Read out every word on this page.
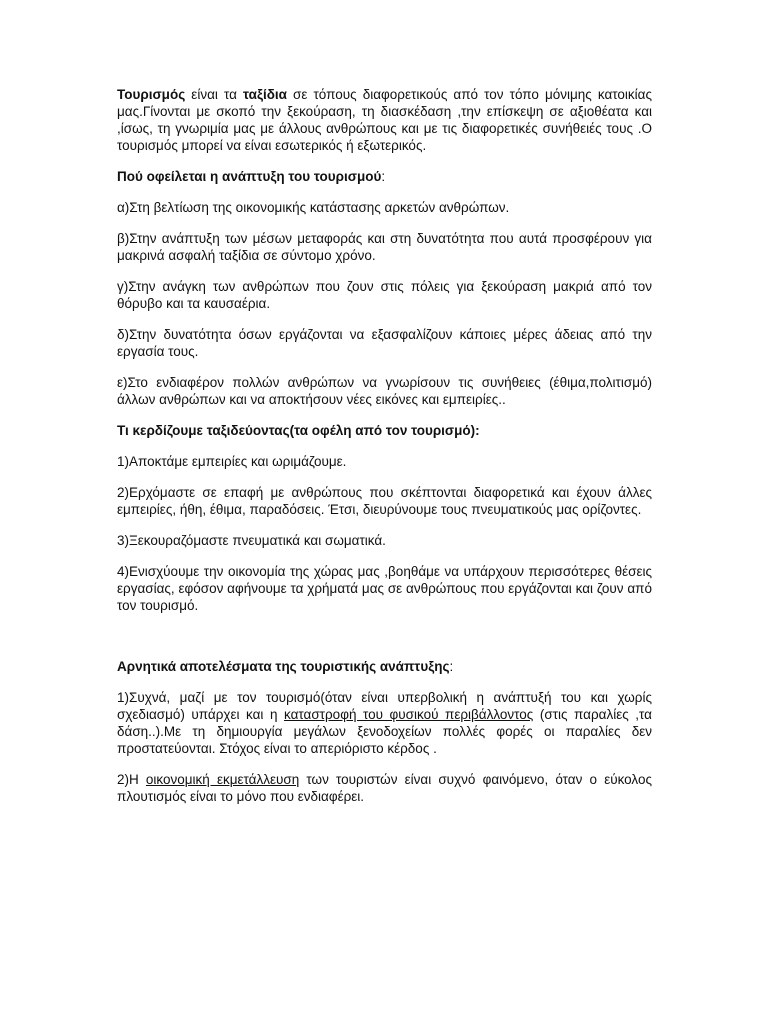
Τουρισμός είναι τα ταξίδια σε τόπους διαφορετικούς από τον τόπο μόνιμης κατοικίας μας.Γίνονται με σκοπό την ξεκούραση, τη διασκέδαση ,την επίσκεψη σε αξιοθέατα και ,ίσως, τη γνωριμία μας με άλλους ανθρώπους και με τις διαφορετικές συνήθειές τους .Ο τουρισμός μπορεί να είναι εσωτερικός ή εξωτερικός.

Πού οφείλεται η ανάπτυξη του τουρισμού:

α)Στη βελτίωση της οικονομικής κατάστασης αρκετών ανθρώπων.

β)Στην ανάπτυξη των μέσων μεταφοράς και στη δυνατότητα που αυτά προσφέρουν για μακρινά ασφαλή ταξίδια σε σύντομο χρόνο.

γ)Στην ανάγκη των ανθρώπων που ζουν στις πόλεις για ξεκούραση μακριά από τον θόρυβο και τα καυσαέρια.

δ)Στην δυνατότητα όσων εργάζονται να εξασφαλίζουν κάποιες μέρες άδειας από την εργασία τους.

ε)Στο ενδιαφέρον πολλών ανθρώπων να γνωρίσουν τις συνήθειες (έθιμα,πολιτισμό) άλλων ανθρώπων και να αποκτήσουν νέες εικόνες και εμπειρίες..

Τι κερδίζουμε ταξιδεύοντας(τα οφέλη από τον τουρισμό):

1)Αποκτάμε εμπειρίες και ωριμάζουμε.

2)Ερχόμαστε σε επαφή με ανθρώπους που σκέπτονται διαφορετικά και έχουν άλλες εμπειρίες, ήθη, έθιμα, παραδόσεις. Έτσι, διευρύνουμε τους πνευματικούς μας ορίζοντες.

3)Ξεκουραζόμαστε πνευματικά και σωματικά.

4)Ενισχύουμε την οικονομία της χώρας μας ,βοηθάμε να υπάρχουν περισσότερες θέσεις εργασίας, εφόσον αφήνουμε τα χρήματά μας σε ανθρώπους που εργάζονται και ζουν από τον τουρισμό.

Αρνητικά αποτελέσματα της τουριστικής ανάπτυξης:

1)Συχνά, μαζί με τον τουρισμό(όταν είναι υπερβολική η ανάπτυξή του και χωρίς σχεδιασμό) υπάρχει και η καταστροφή του φυσικού περιβάλλοντος (στις παραλίες ,τα δάση..).Με τη δημιουργία μεγάλων ξενοδοχείων πολλές φορές οι παραλίες δεν προστατεύονται. Στόχος είναι το απεριόριστο κέρδος .

2)Η οικονομική εκμετάλλευση των τουριστών είναι συχνό φαινόμενο, όταν ο εύκολος πλουτισμός είναι το μόνο που ενδιαφέρει.
